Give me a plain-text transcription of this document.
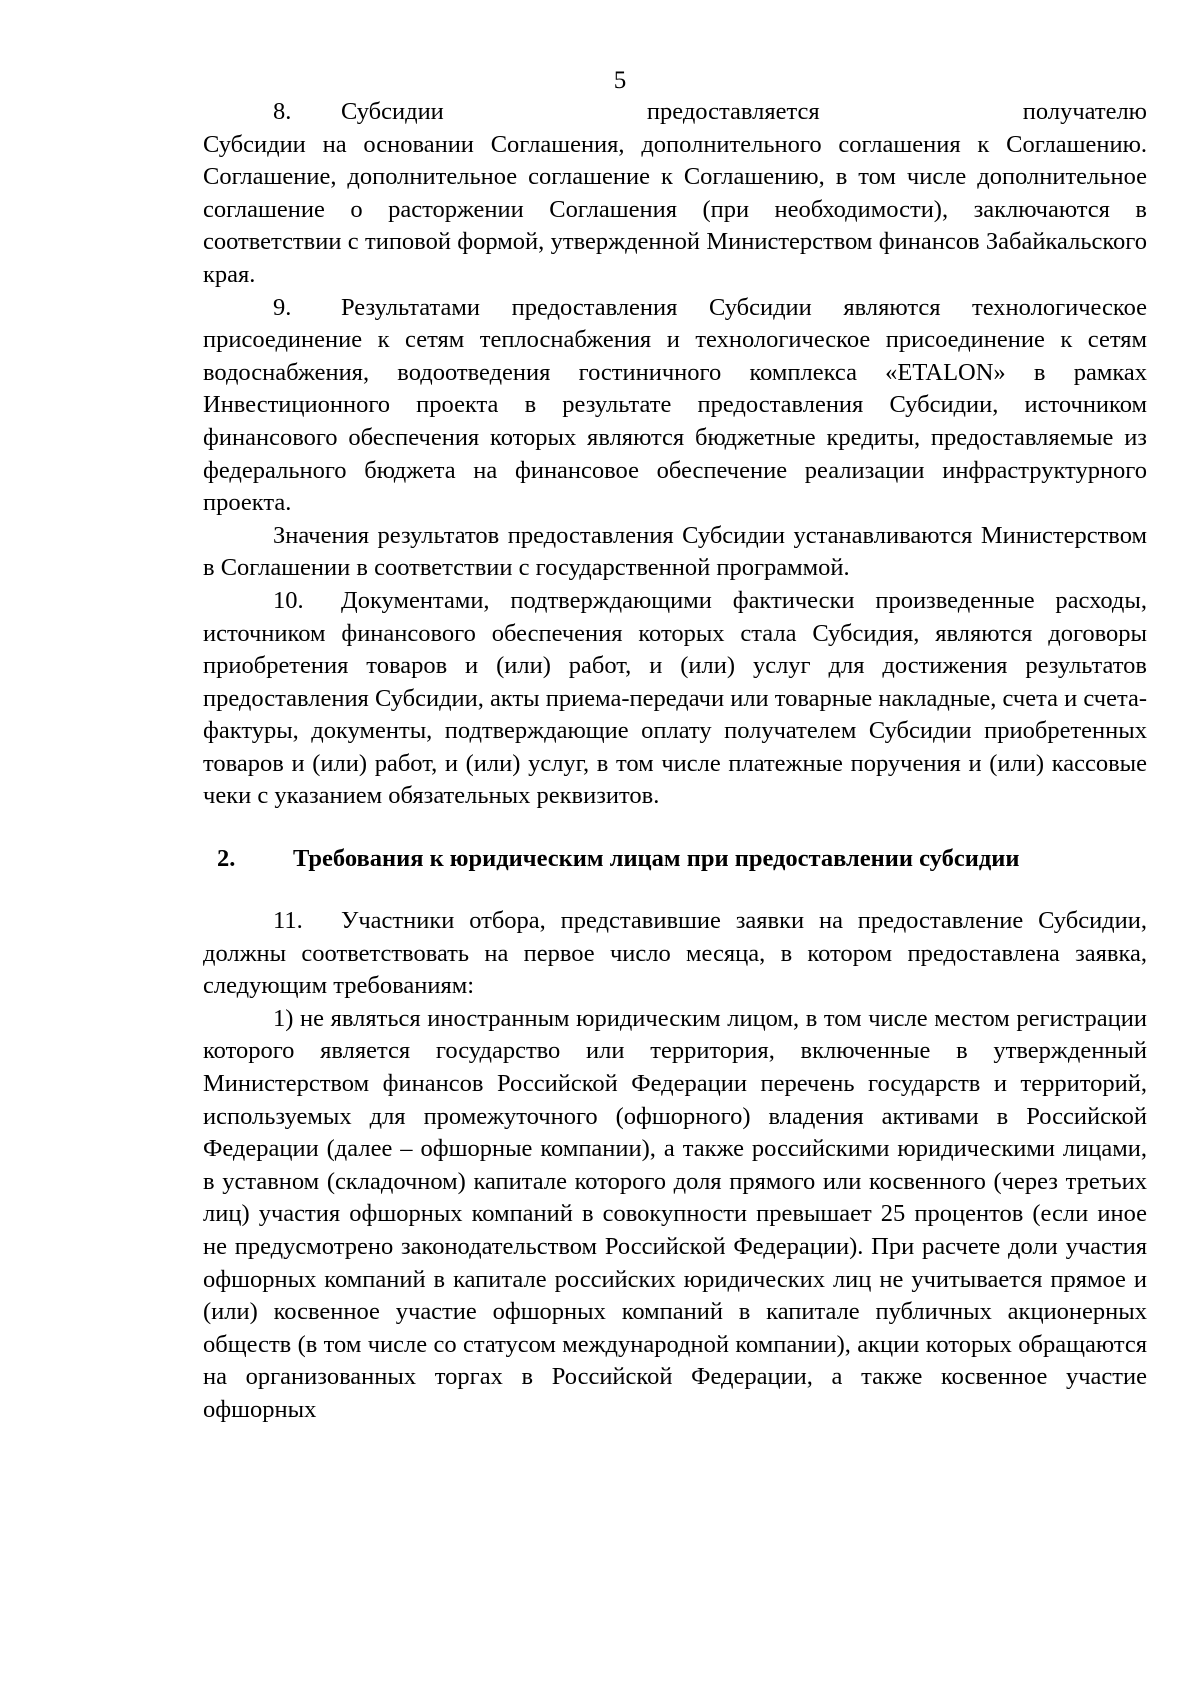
5

8. Субсидии предоставляется получателю
Субсидии на основании Соглашения, дополнительного соглашения к Соглашению. Соглашение, дополнительное соглашение к Соглашению, в том числе дополнительное соглашение о расторжении Соглашения (при необходимости), заключаются в соответствии с типовой формой, утвержденной Министерством финансов Забайкальского края.

9. Результатами предоставления Субсидии являются технологическое присоединение к сетям теплоснабжения и технологическое присоединение к сетям водоснабжения, водоотведения гостиничного комплекса «ETALON» в рамках Инвестиционного проекта в результате предоставления Субсидии, источником финансового обеспечения которых являются бюджетные кредиты, предоставляемые из федерального бюджета на финансовое обеспечение реализации инфраструктурного проекта.

Значения результатов предоставления Субсидии устанавливаются Министерством в Соглашении в соответствии с государственной программой.

10. Документами, подтверждающими фактически произведенные расходы, источником финансового обеспечения которых стала Субсидия, являются договоры приобретения товаров и (или) работ, и (или) услуг для достижения результатов предоставления Субсидии, акты приема-передачи или товарные накладные, счета и счета-фактуры, документы, подтверждающие оплату получателем Субсидии приобретенных товаров и (или) работ, и (или) услуг, в том числе платежные поручения и (или) кассовые чеки с указанием обязательных реквизитов.

2.	Требования к юридическим лицам при предоставлении субсидии

11. Участники отбора, представившие заявки на предоставление Субсидии, должны соответствовать на первое число месяца, в котором предоставлена заявка, следующим требованиям:

1) не являться иностранным юридическим лицом, в том числе местом регистрации которого является государство или территория, включенные в утвержденный Министерством финансов Российской Федерации перечень государств и территорий, используемых для промежуточного (офшорного) владения активами в Российской Федерации (далее – офшорные компании), а также российскими юридическими лицами, в уставном (складочном) капитале которого доля прямого или косвенного (через третьих лиц) участия офшорных компаний в совокупности превышает 25 процентов (если иное не предусмотрено законодательством Российской Федерации). При расчете доли участия офшорных компаний в капитале российских юридических лиц не учитывается прямое и (или) косвенное участие офшорных компаний в капитале публичных акционерных обществ (в том числе со статусом международной компании), акции которых обращаются на организованных торгах в Российской Федерации, а также косвенное участие офшорных
